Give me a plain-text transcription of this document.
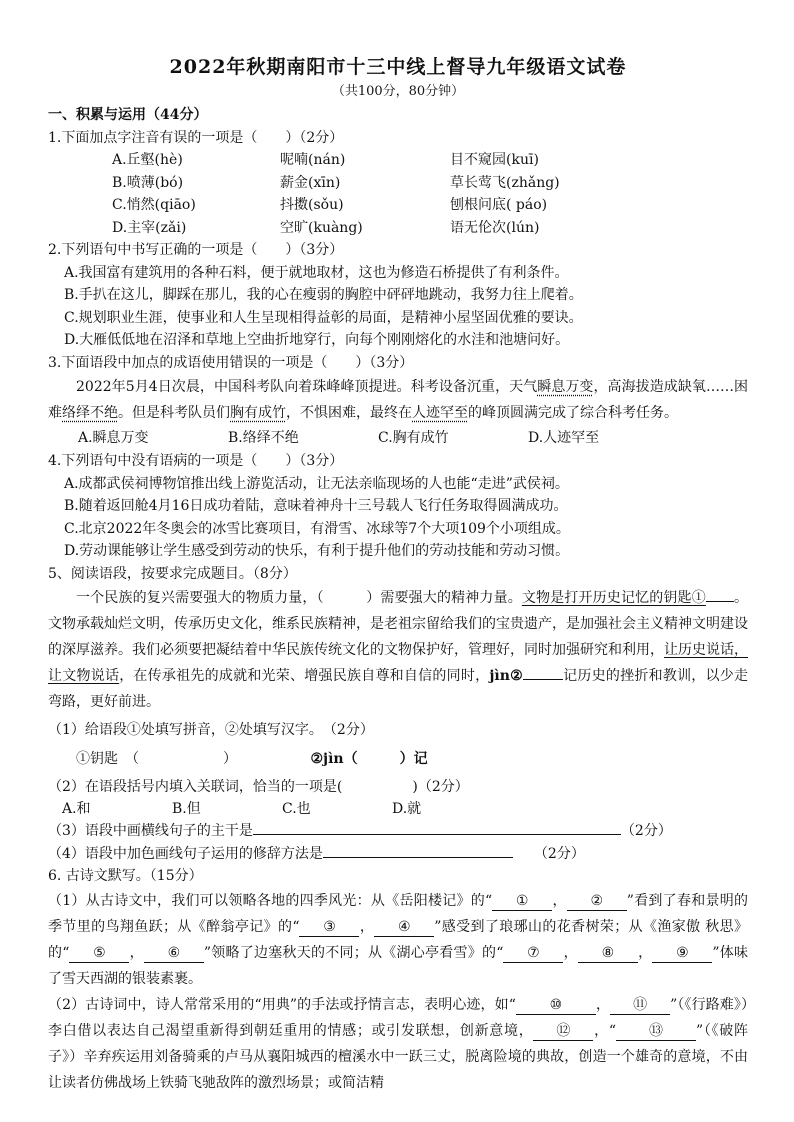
2022年秋期南阳市十三中线上督导九年级语文试卷
（共100分，80分钟）
一、积累与运用（44分）
1.下面加点字注音有误的一项是（　　）（2分）
A.丘壑(hè)	呢喃(nán)	目不窥园(kuī)
B.喷薄(bó)	薪金(xīn)	草长莺飞(zhǎng)
C.悄然(qiāo)	抖擞(sǒu)	刨根问底( páo)
D.主宰(zǎi)	空旷(kuàng)	语无伦次(lún)
2.下列语句中书写正确的一项是（　　）（3分）
A.我国富有建筑用的各种石料，便于就地取材，这也为修造石桥提供了有利条件。
B.手扒在这儿，脚踩在那儿，我的心在瘦弱的胸腔中砰砰地跳动，我努力往上爬着。
C.规划职业生涯，使事业和人生呈现相得益彰的局面，是精神小屋坚固优雅的要诀。
D.大雁低低地在沼泽和草地上空曲折地穿行，向每个刚刚熔化的水洼和池塘问好。
3.下面语段中加点的成语使用错误的一项是（　　）（3分）
2022年5月4日次晨，中国科考队向着珠峰峰顶提进。科考设备沉重，天气瞬息万变，高海拔造成缺氧……困难络绎不绝。但是科考队员们胸有成竹，不惧困难，最终在人迹罕至的峰顶圆满完成了综合科考任务。
A.瞬息万变	B.络绎不绝	C.胸有成竹	D.人迹罕至
4.下列语句中没有语病的一项是（　　）（3分）
A.成都武侯祠博物馆推出线上游览活动，让无法亲临现场的人也能“走进”武侯祠。
B.随着返回舱4月16日成功着陆，意味着神舟十三号载人飞行任务取得圆满成功。
C.北京2022年冬奥会的冰雪比赛项目，有滑雪、冰球等7个大项109个小项组成。
D.劳动课能够让学生感受到劳动的快乐，有利于提升他们的劳动技能和劳动习惯。
5、阅读语段，按要求完成题目。（8分）
一个民族的复兴需要强大的物质力量，（　　　）需要强大的精神力量。文物是打开历史记忆的钥匙① 。文物承载灿烂文明，传承历史文化，维系民族精神，是老祖宗留给我们的宝贵遗产，是加强社会主义精神文明建设的深厚滋养。我们必须要把凝结着中华民族传统文化的文物保护好，管理好，同时加强研究和利用，让历史说话，让文物说话，在传承祖先的成就和光荣、增强民族自尊和自信的同时，jìn②	记历史的挫折和教训，以少走弯路，更好前进。
（1）给语段①处填写拼音，②处填写汉字。　（2分）
①钥匙　（　　　　　　）	②jìn（　　　）记
（2）在语段括号内填入关联词，恰当的一项是(　　　　　)（2分）
A.和	B.但	C.也	D.就
（3）语段中画横线句子的主干是	（2分）
（4）语段中加色画线句子运用的修辞方法是　　	（2分）
6. 古诗文默写。（15分）
（1）从古诗文中，我们可以领略各地的四季风光：从《岳阳楼记》的“ ① ， ② ”看到了春和景明的季节里的鸟翔鱼跃；从《醉翁亭记》的“ ③ ， ④ ”感受到了琅琊山的花香树荣；从《渔家傲 秋思》的“ ⑤ ， ⑥ ”领略了边塞秋天的不同；从《湖心亭看雪》的“ ⑦ ， ⑧ ， ⑨ ”体味了雪天西湖的银装素裹。
（2）古诗词中，诗人常常采用的“用典”的手法或抒情言志，表明心迹，如“ ⑩ ， ⑪ ”（《行路难》）李白借以表达自己渴望重新得到朝廷重用的情感；或引发联想，创新意境， ⑫ ，“ ⑬ ”（《破阵子》）辛弃疾运用刘备骑乘的卢马从襄阳城西的檀溪水中一跃三丈，脱离险境的典故，创造一个雄奇的意境，不由让读者仿佛战场上铁骑飞驰敌阵的激烈场景；或简洁精
